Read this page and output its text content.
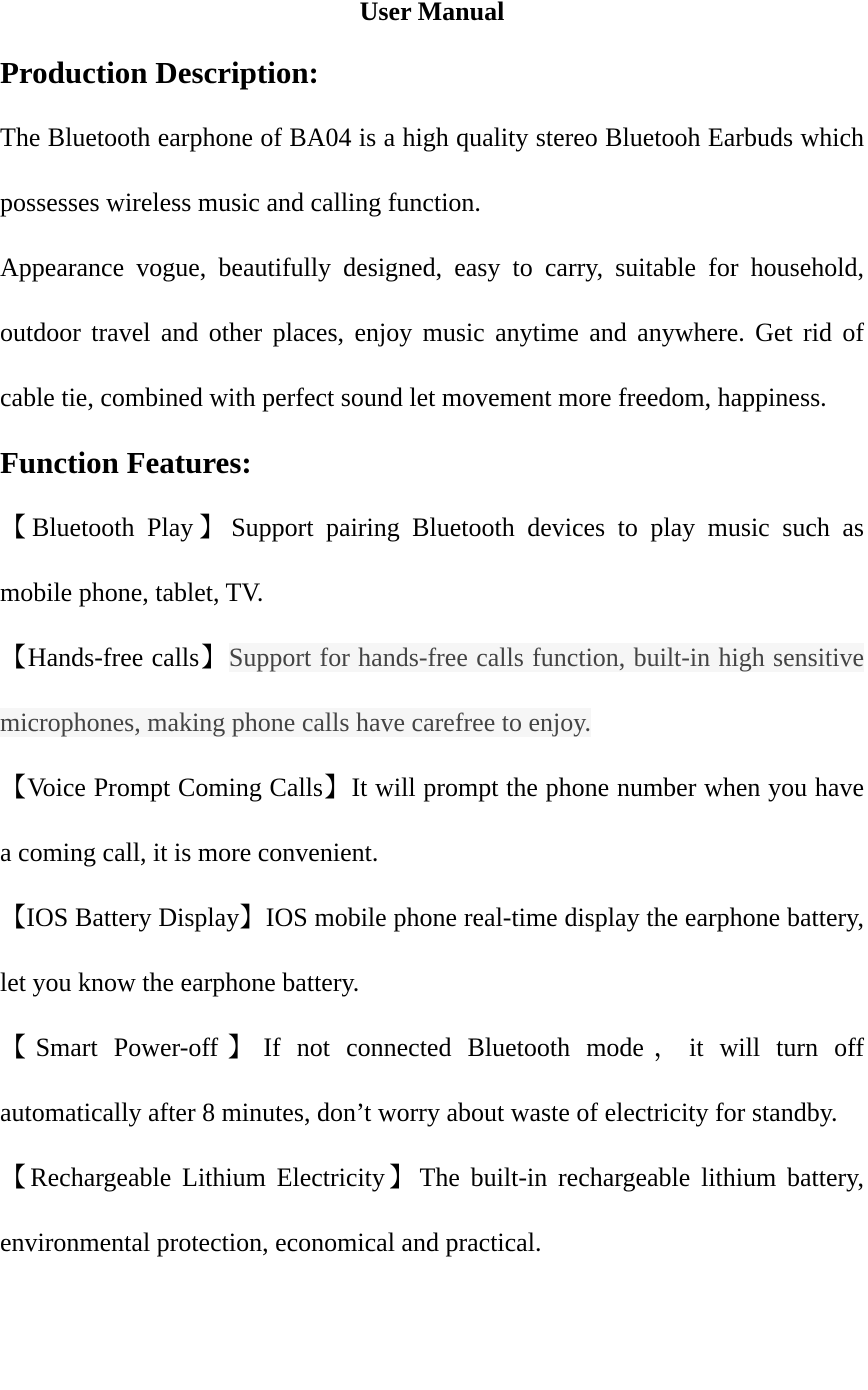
User Manual
Production Description:

The Bluetooth earphone of BA04 is a high quality stereo Bluetooh Earbuds which possesses wireless music and calling function.

Appearance vogue, beautifully designed, easy to carry, suitable for household, outdoor travel and other places, enjoy music anytime and anywhere. Get rid of cable tie, combined with perfect sound let movement more freedom, happiness.

Function Features:

【Bluetooth Play】Support pairing Bluetooth devices to play music such as mobile phone, tablet, TV.

【Hands-free calls】Support for hands-free calls function, built-in high sensitive microphones, making phone calls have carefree to enjoy.

【Voice Prompt Coming Calls】It will prompt the phone number when you have a coming call, it is more convenient.

【IOS Battery Display】IOS mobile phone real-time display the earphone battery, let you know the earphone battery.

【Smart Power-off】If not connected Bluetooth mode，it will turn off automatically after 8 minutes, don’t worry about waste of electricity for standby.

【Rechargeable Lithium Electricity】The built-in rechargeable lithium battery, environmental protection, economical and practical.
